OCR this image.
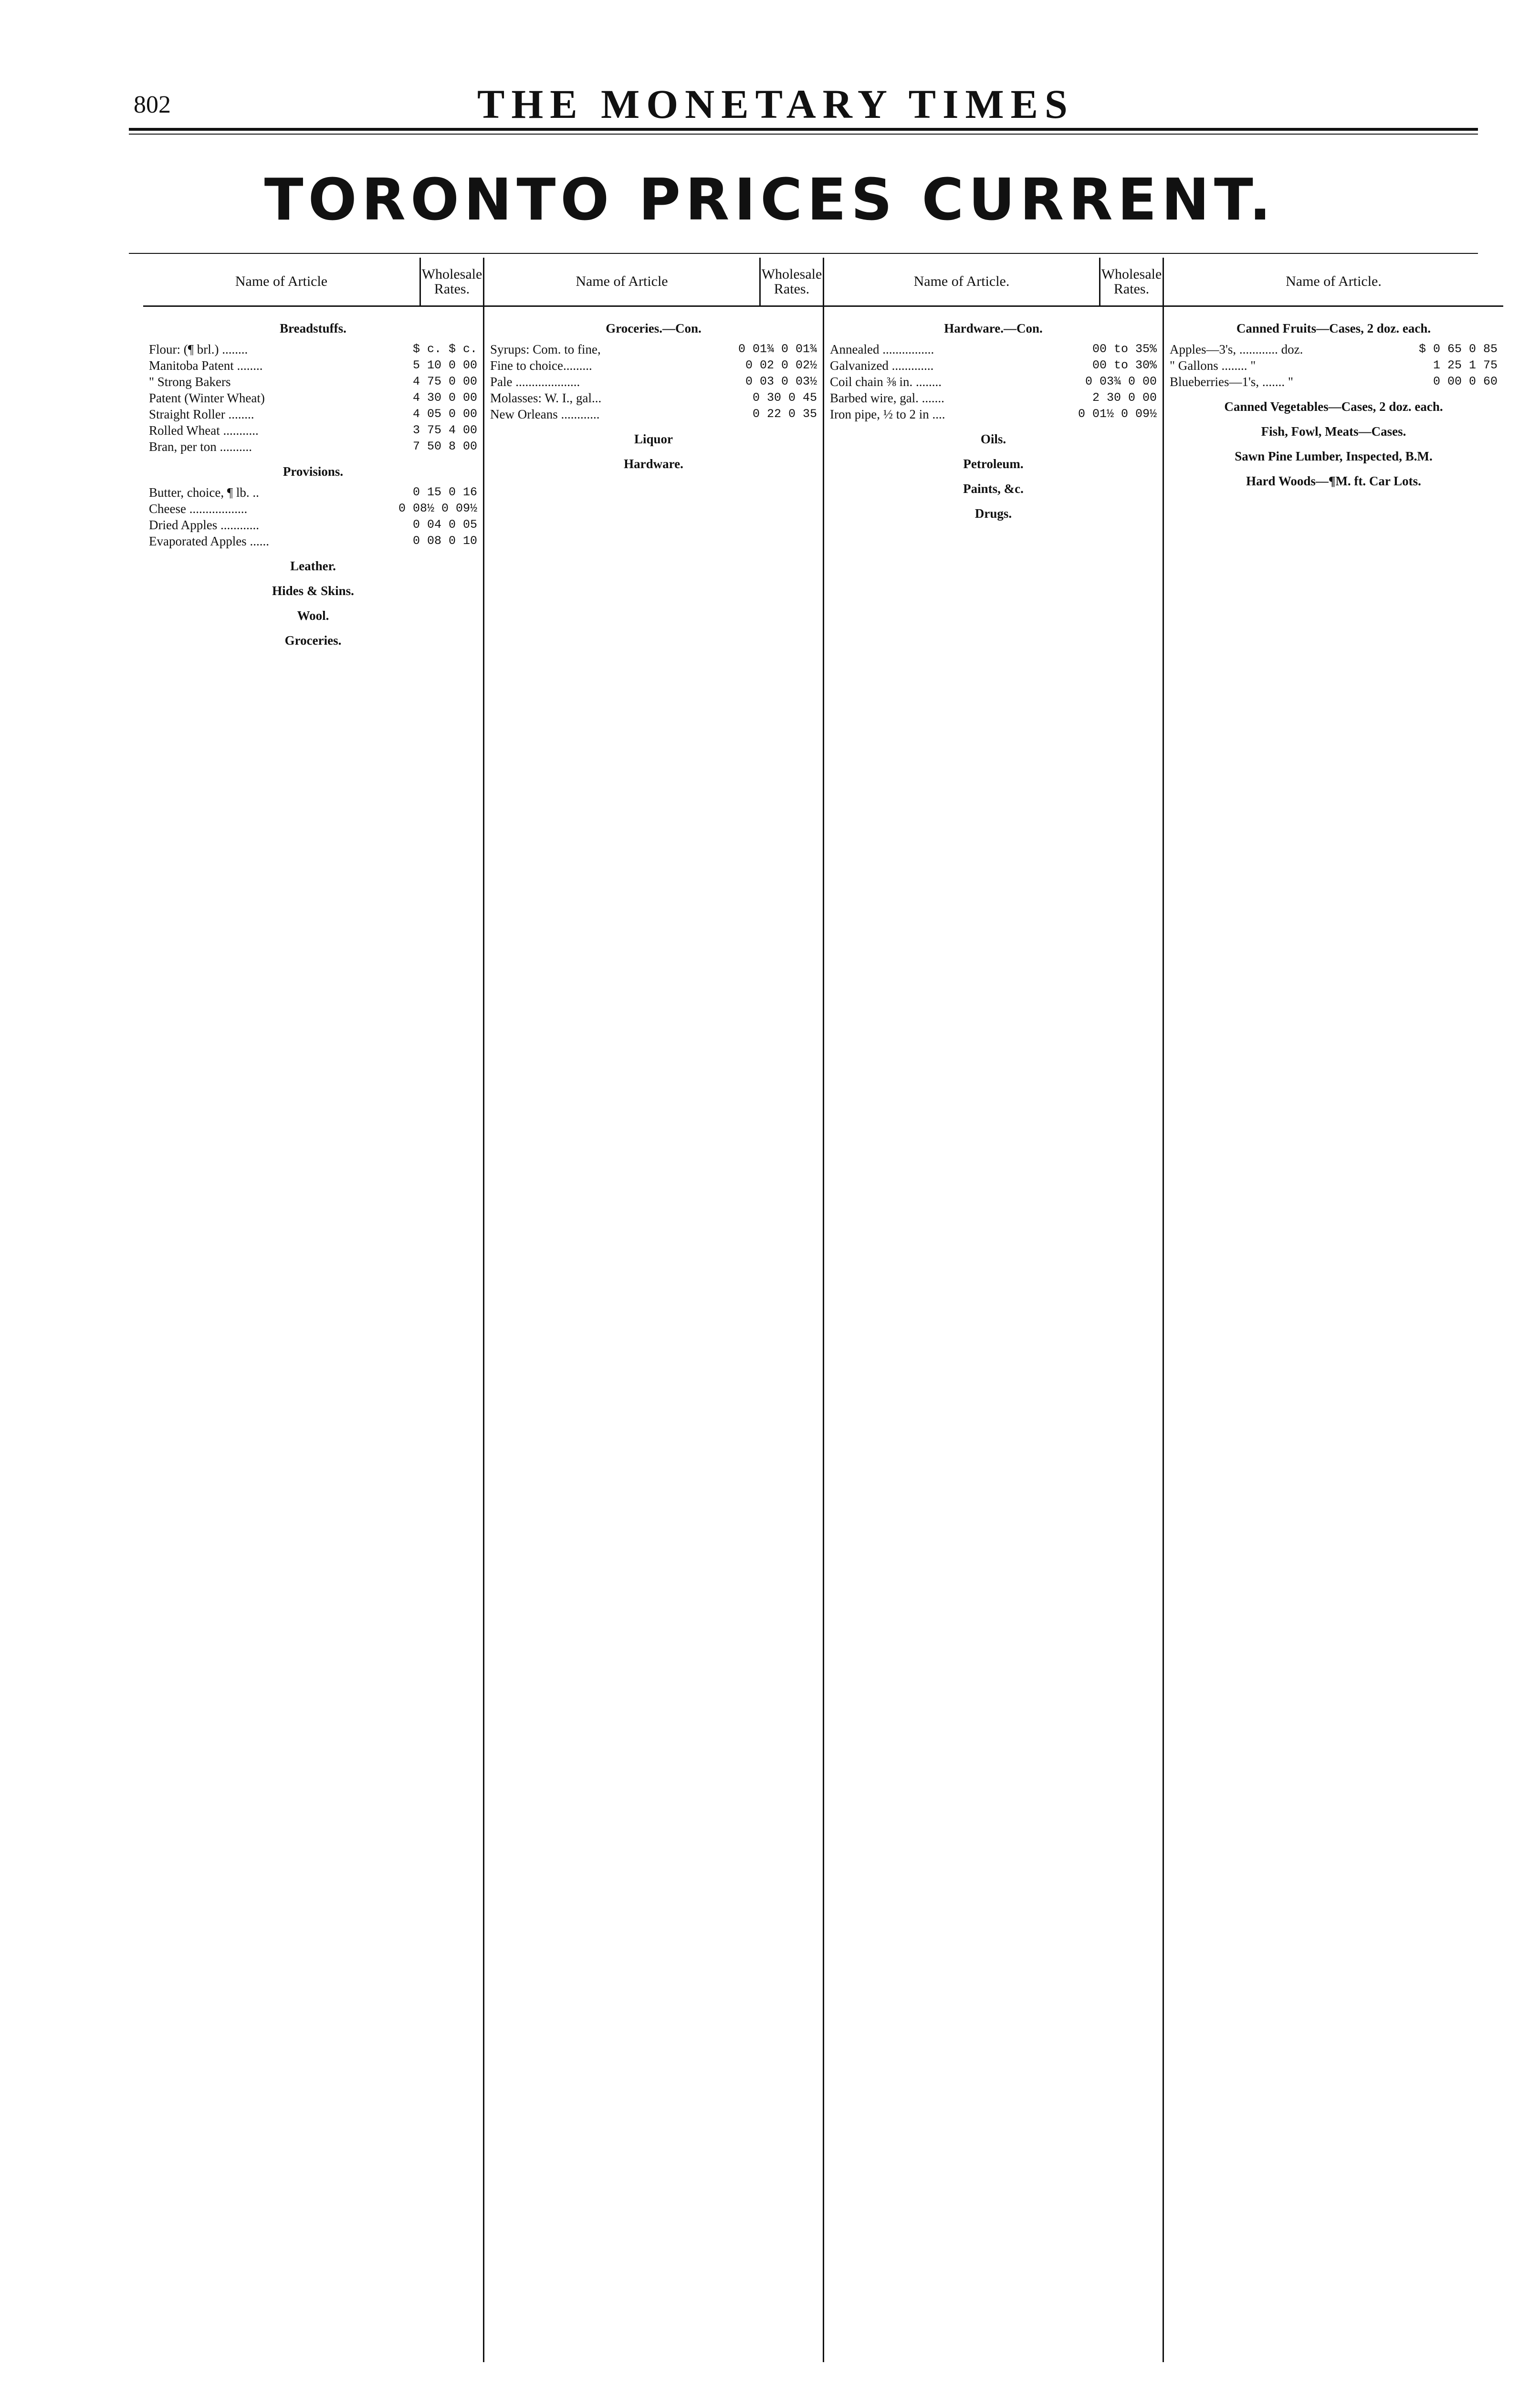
802	THE MONETARY TIMES
TORONTO PRICES CURRENT.
Name of Article	Wholesale Rates.
Breadstuffs.
Flour: (¶ brl.) ........	$ c. $ c.
Manitoba Patent ........	5 10 0 00
" Strong Bakers	4 75 0 00
Patent (Winter Wheat)	4 30 0 00
Straight Roller ........	4 05 0 00
Rolled Wheat ...........	3 75 4 00
Bran, per ton ..........	7 50 8 00
Provisions.
Butter, choice, ¶ lb. ..	0 15 0 16
Cheese ..................	0 08½ 0 09½
Dried Apples ............	0 04 0 05
Evaporated Apples ......	0 08 0 10
Leather.
Hides & Skins.
Wool.
Groceries.
Name of Article	Wholesale Rates.
Groceries.—Con.
Syrups: Com. to fine,	0 01¾ 0 01¾
Fine to choice.........	0 02 0 02½
Pale ....................	0 03 0 03½
Molasses: W. I., gal...	0 30 0 45
New Orleans ............	0 22 0 35
Liquor
Hardware.
Name of Article.	Wholesale Rates.
Hardware.—Con.
Annealed ................	00 to 35%
Galvanized .............	00 to 30%
Coil chain ⅜ in. ........	0 03¾ 0 00
Barbed wire, gal. .......	2 30 0 00
Iron pipe, ½ to 2 in ....	0 01½ 0 09½
Oils.
Petroleum.
Paints, &c.
Drugs.
Name of Article.
Canned Fruits—Cases, 2 doz. each.
Apples—3's, ............ doz.	$ 0 65 0 85
" Gallons ........ "	1 25 1 75
Blueberries—1's, ....... "	0 00 0 60
Canned Vegetables—Cases, 2 doz. each.
Fish, Fowl, Meats—Cases.
Sawn Pine Lumber, Inspected, B.M.
Hard Woods—¶M. ft. Car Lots.
